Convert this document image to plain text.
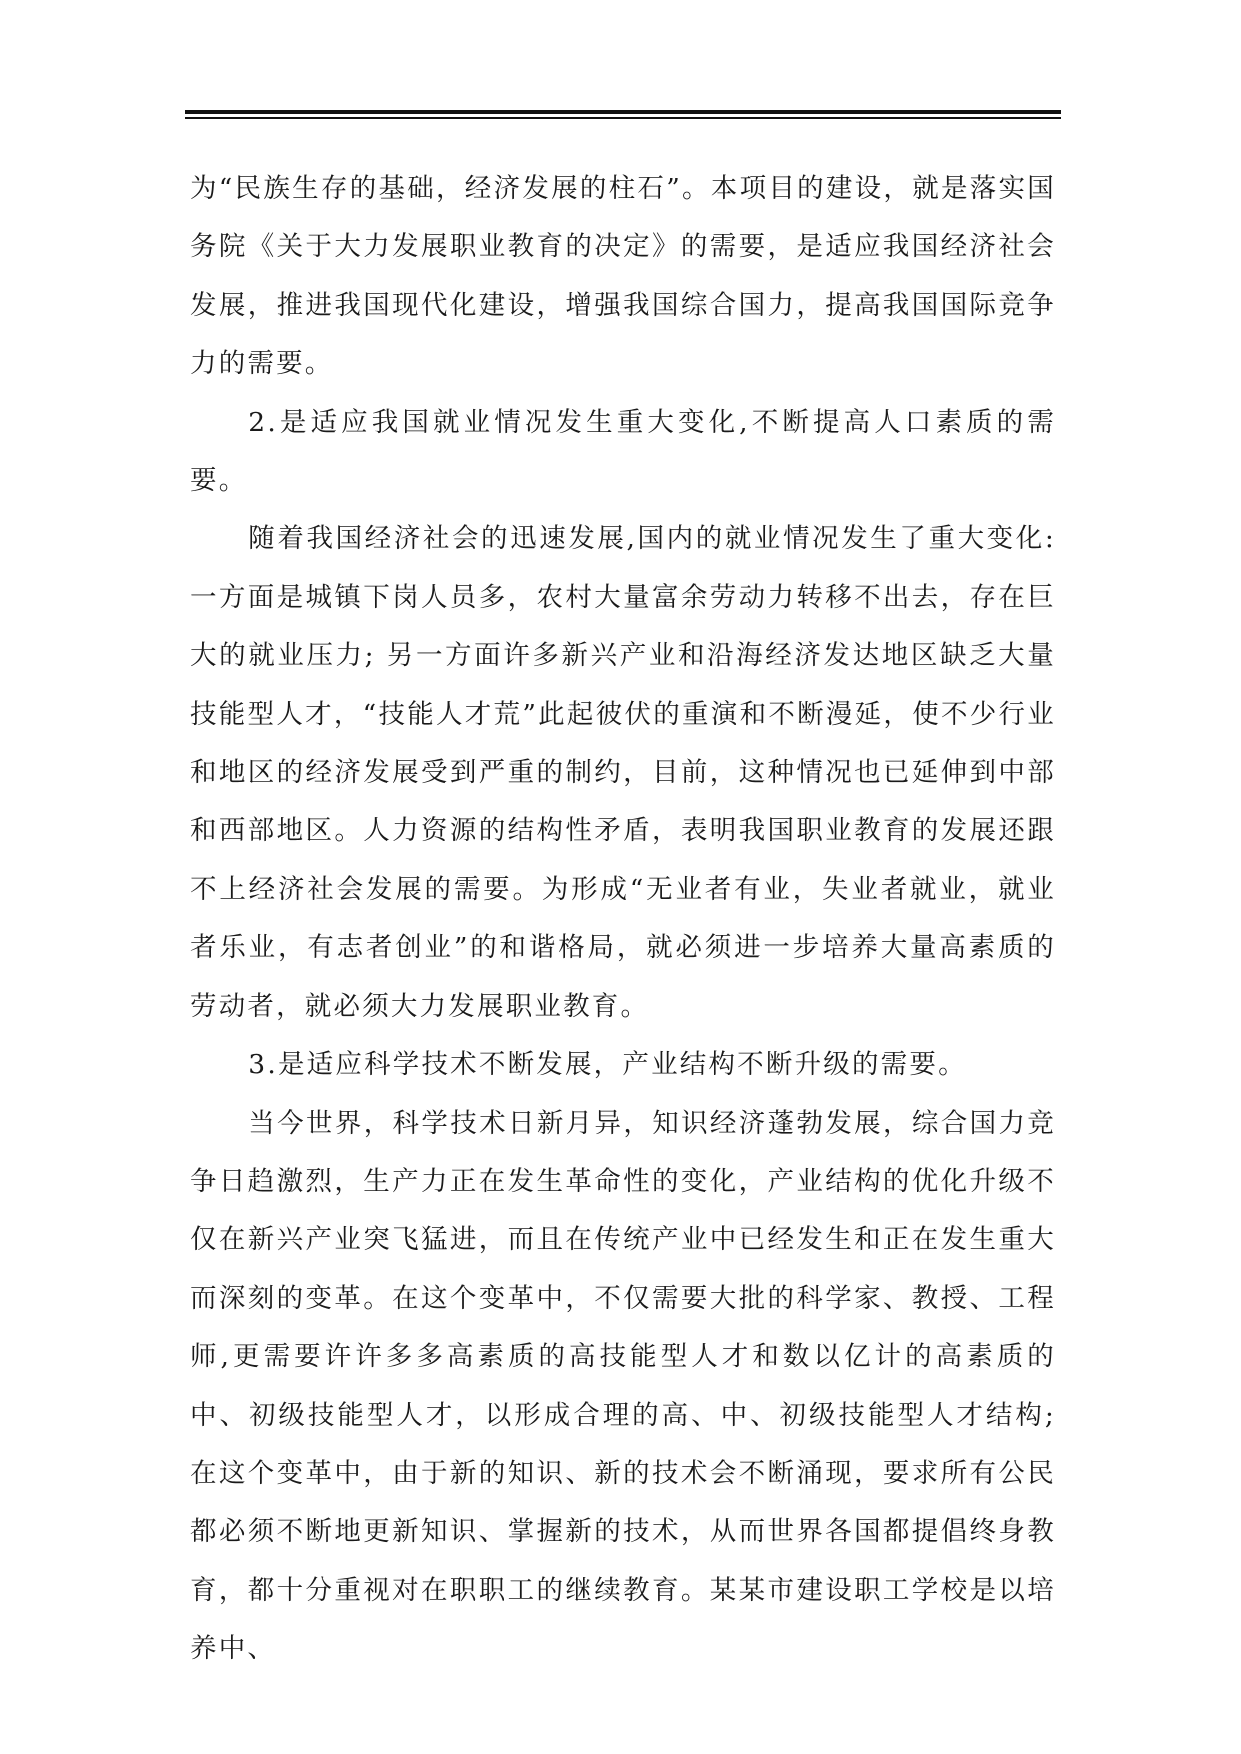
为“民族生存的基础，经济发展的柱石”。本项目的建设，就是落实国务院《关于大力发展职业教育的决定》的需要，是适应我国经济社会发展，推进我国现代化建设，增强我国综合国力，提高我国国际竞争力的需要。

2.是适应我国就业情况发生重大变化,不断提高人口素质的需要。

随着我国经济社会的迅速发展,国内的就业情况发生了重大变化:一方面是城镇下岗人员多，农村大量富余劳动力转移不出去，存在巨大的就业压力; 另一方面许多新兴产业和沿海经济发达地区缺乏大量技能型人才，“技能人才荒”此起彼伏的重演和不断漫延，使不少行业和地区的经济发展受到严重的制约，目前，这种情况也已延伸到中部和西部地区。人力资源的结构性矛盾，表明我国职业教育的发展还跟不上经济社会发展的需要。为形成“无业者有业，失业者就业，就业者乐业，有志者创业”的和谐格局，就必须进一步培养大量高素质的劳动者，就必须大力发展职业教育。

3.是适应科学技术不断发展，产业结构不断升级的需要。

当今世界，科学技术日新月异，知识经济蓬勃发展，综合国力竞争日趋激烈，生产力正在发生革命性的变化，产业结构的优化升级不仅在新兴产业突飞猛进，而且在传统产业中已经发生和正在发生重大而深刻的变革。在这个变革中，不仅需要大批的科学家、教授、工程师,更需要许许多多高素质的高技能型人才和数以亿计的高素质的中、初级技能型人才，以形成合理的高、中、初级技能型人才结构; 在这个变革中，由于新的知识、新的技术会不断涌现，要求所有公民都必须不断地更新知识、掌握新的技术，从而世界各国都提倡终身教育，都十分重视对在职职工的继续教育。某某市建设职工学校是以培养中、
